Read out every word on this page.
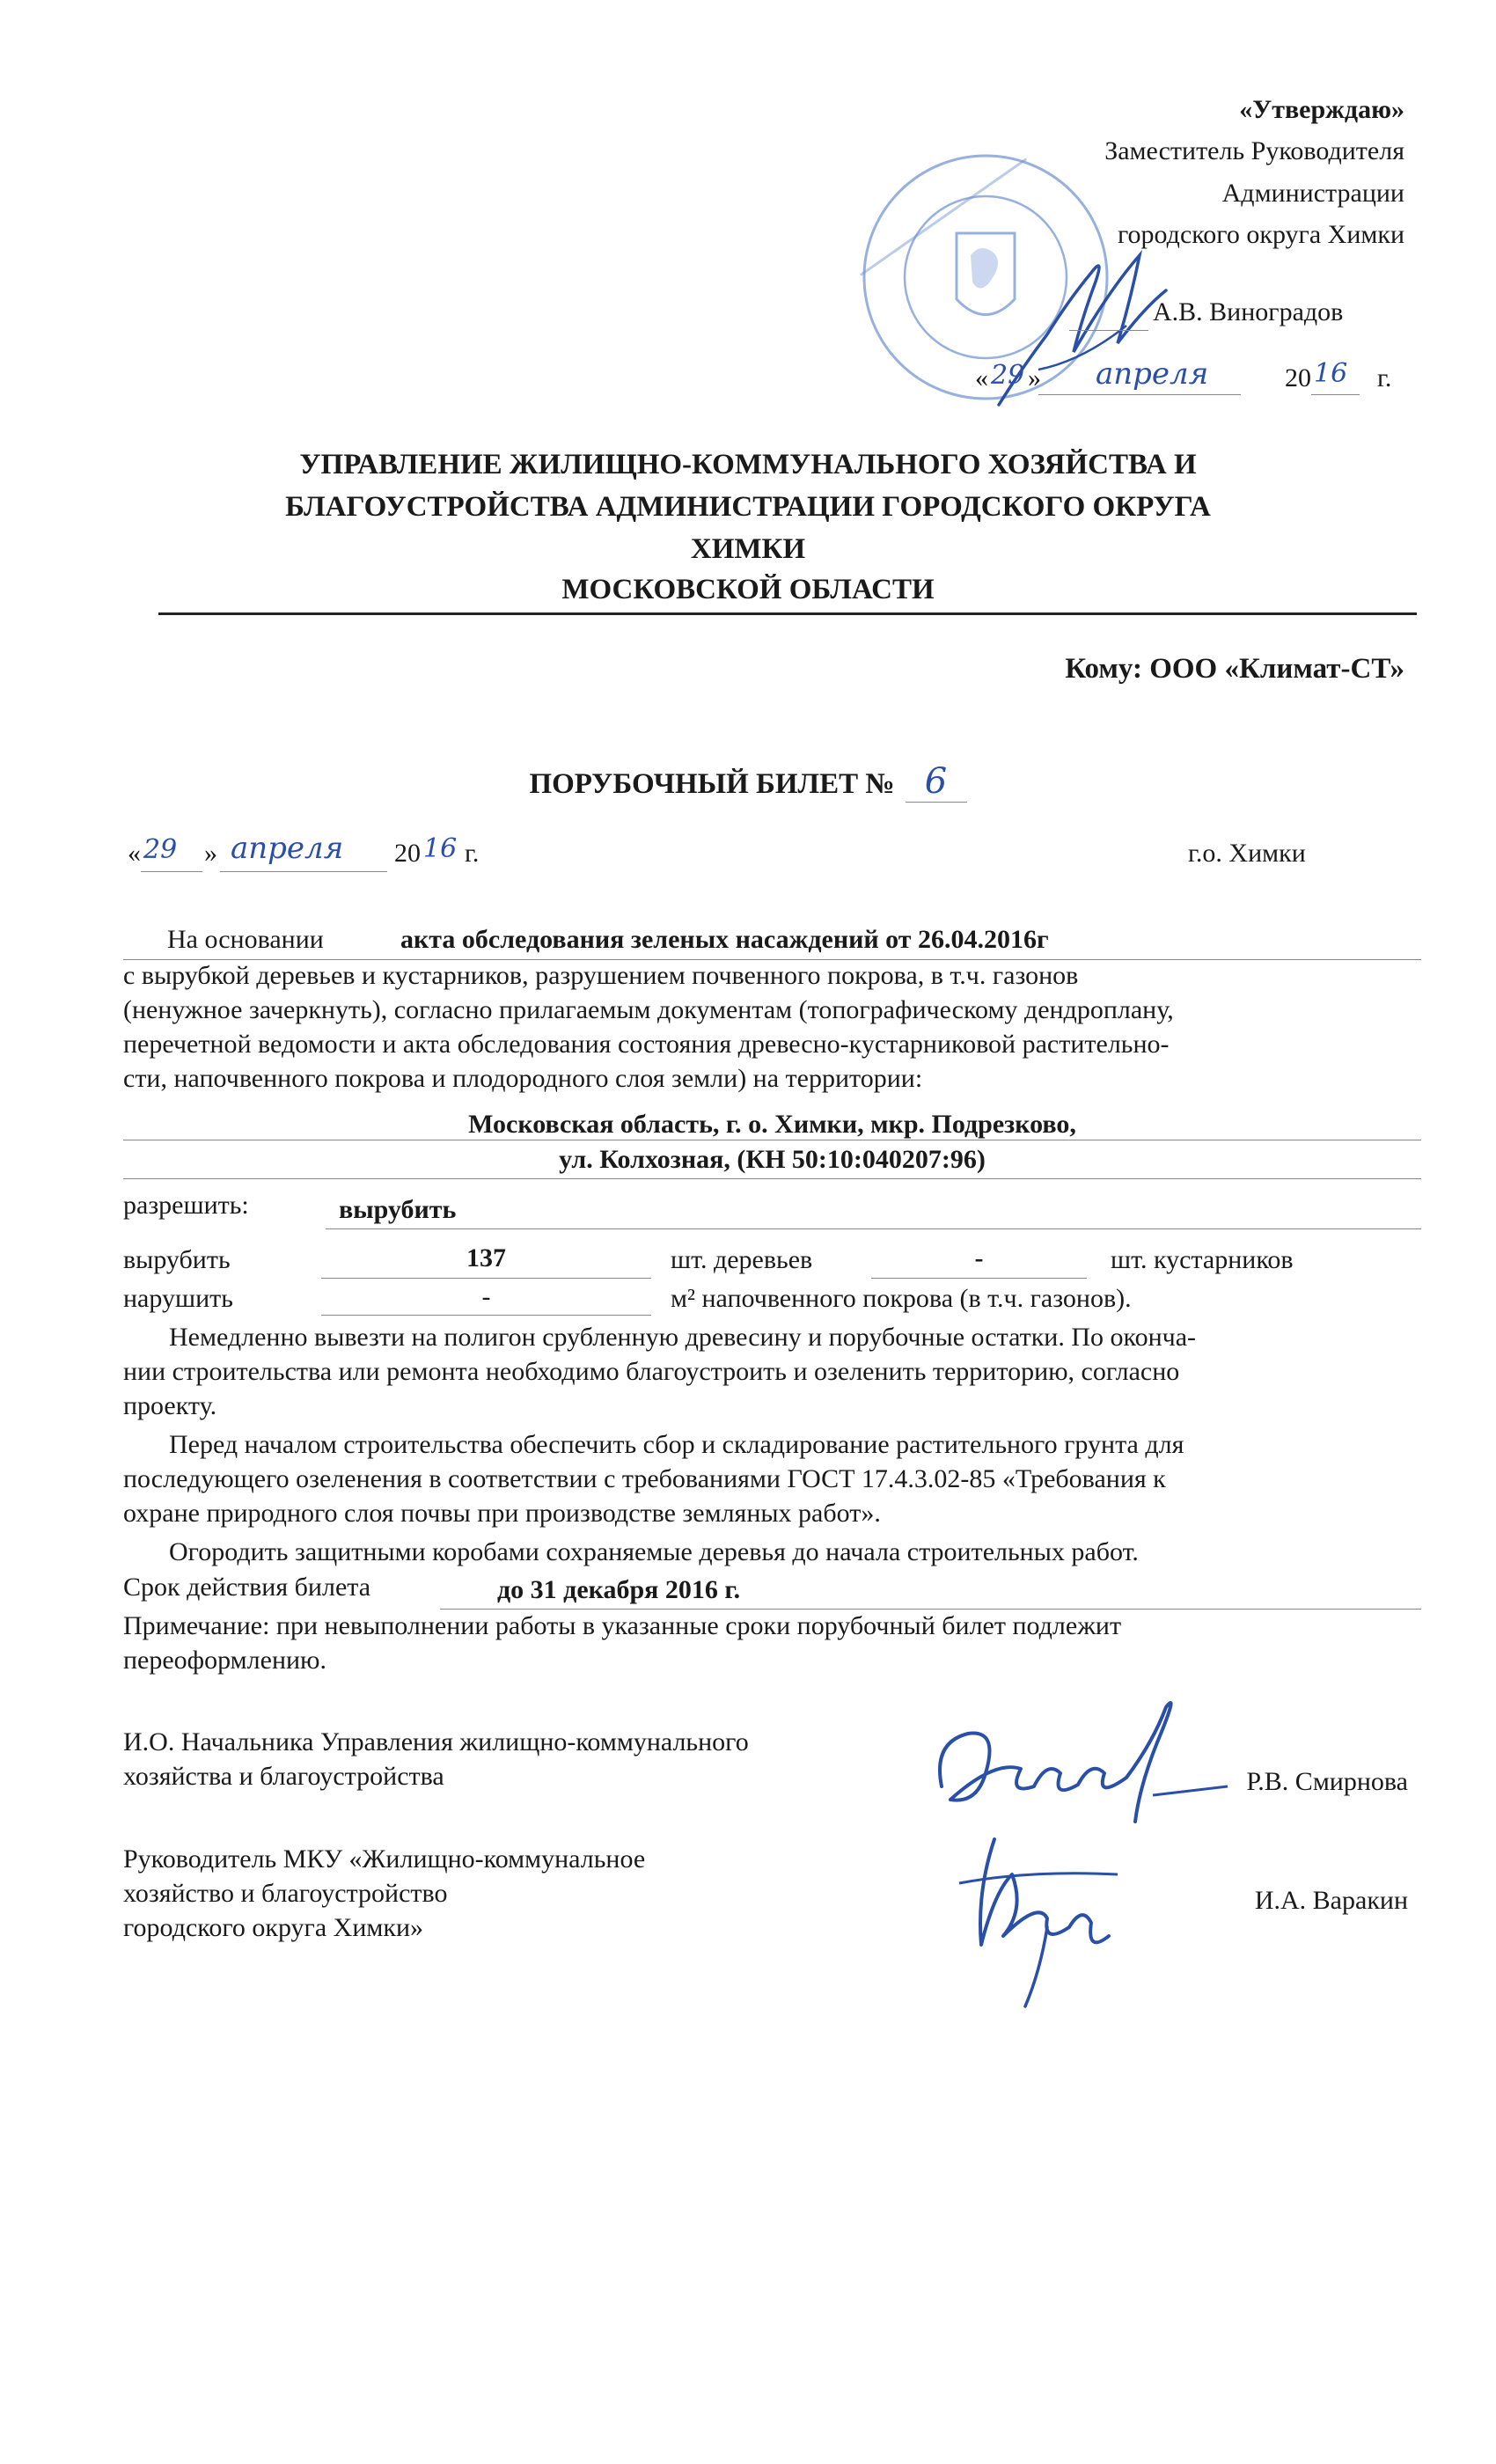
«Утверждаю»
Заместитель Руководителя
Администрации
городского округа Химки
А.В. Виноградов
« 29 » апреля	20 16 г.
УПРАВЛЕНИЕ ЖИЛИЩНО-КОММУНАЛЬНОГО ХОЗЯЙСТВА И
БЛАГОУСТРОЙСТВА АДМИНИСТРАЦИИ ГОРОДСКОГО ОКРУГА
ХИМКИ
МОСКОВСКОЙ ОБЛАСТИ
Кому: ООО «Климат-СТ»
ПОРУБОЧНЫЙ БИЛЕТ № 6
« 29 » апреля 20 16 г.	г.о. Химки
На основании	акта обследования зеленых насаждений от 26.04.2016г
с вырубкой деревьев и кустарников, разрушением почвенного покрова, в т.ч. газонов
(ненужное зачеркнуть), согласно прилагаемым документам (топографическому дендроплану,
перечетной ведомости и акта обследования состояния древесно-кустарниковой растительно-
сти, напочвенного покрова и плодородного слоя земли) на территории:
Московская область, г. о. Химки, мкр. Подрезково,
ул. Колхозная, (КН 50:10:040207:96)
разрешить:	вырубить
вырубить	137	шт. деревьев	-	шт. кустарников
нарушить	-	м² напочвенного покрова (в т.ч. газонов).
Немедленно вывезти на полигон срубленную древесину и порубочные остатки. По оконча-
нии строительства или ремонта необходимо благоустроить и озеленить территорию, согласно
проекту.
Перед началом строительства обеспечить сбор и складирование растительного грунта для
последующего озеленения в соответствии с требованиями ГОСТ 17.4.3.02-85 «Требования к
охране природного слоя почвы при производстве земляных работ».
Огородить защитными коробами сохраняемые деревья до начала строительных работ.
Срок действия билета	до 31 декабря 2016 г.
Примечание: при невыполнении работы в указанные сроки порубочный билет подлежит
переоформлению.
И.О. Начальника Управления жилищно-коммунального
хозяйства и благоустройства	Р.В. Смирнова
Руководитель МКУ «Жилищно-коммунальное
хозяйство и благоустройство
городского округа Химки»
И.А. Варакин
